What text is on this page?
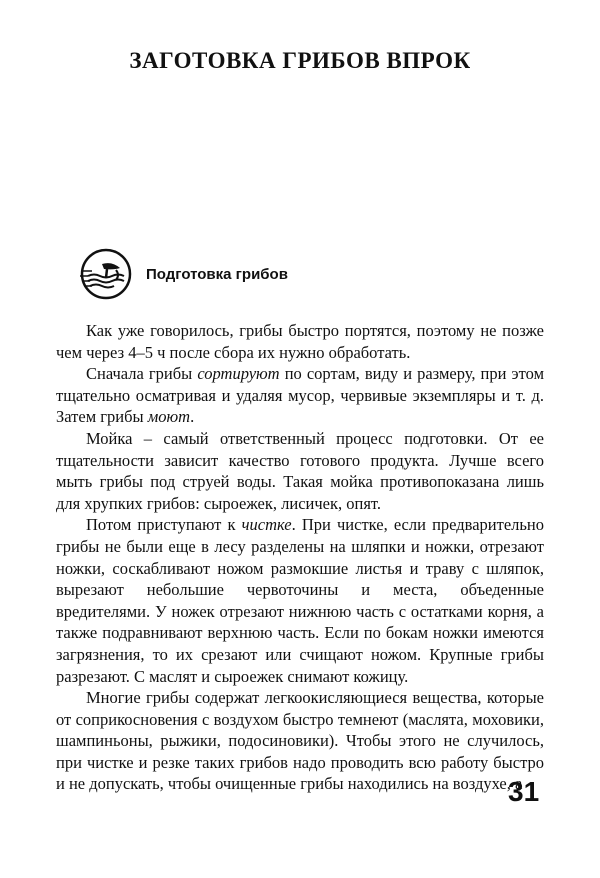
ЗАГОТОВКА ГРИБОВ ВПРОК
Подготовка грибов

Как уже говорилось, грибы быстро портятся, поэтому не позже чем через 4–5 ч после сбора их нужно обработать.

Сначала грибы сортируют по сортам, виду и размеру, при этом тщательно осматривая и удаляя мусор, червивые экземпляры и т. д. Затем грибы моют.

Мойка – самый ответственный процесс подготовки. От ее тщательности зависит качество готового продукта. Лучше всего мыть грибы под струей воды. Такая мойка противопоказана лишь для хрупких грибов: сыроежек, лисичек, опят.

Потом приступают к чистке. При чистке, если предварительно грибы не были еще в лесу разделены на шляпки и ножки, отрезают ножки, соскабливают ножом размокшие листья и траву с шляпок, вырезают небольшие червоточины и места, объеденные вредителями. У ножек отрезают нижнюю часть с остатками корня, а также подравнивают верхнюю часть. Если по бокам ножки имеются загрязнения, то их срезают или счищают ножом. Крупные грибы разрезают. С маслят и сыроежек снимают кожицу.

Многие грибы содержат легкоокисляющиеся вещества, которые от соприкосновения с воздухом быстро темнеют (маслята, моховики, шампиньоны, рыжики, подосиновики). Чтобы этого не случилось, при чистке и резке таких грибов надо проводить всю работу быстро и не допускать, чтобы очищенные грибы находились на воздухе, а

31
